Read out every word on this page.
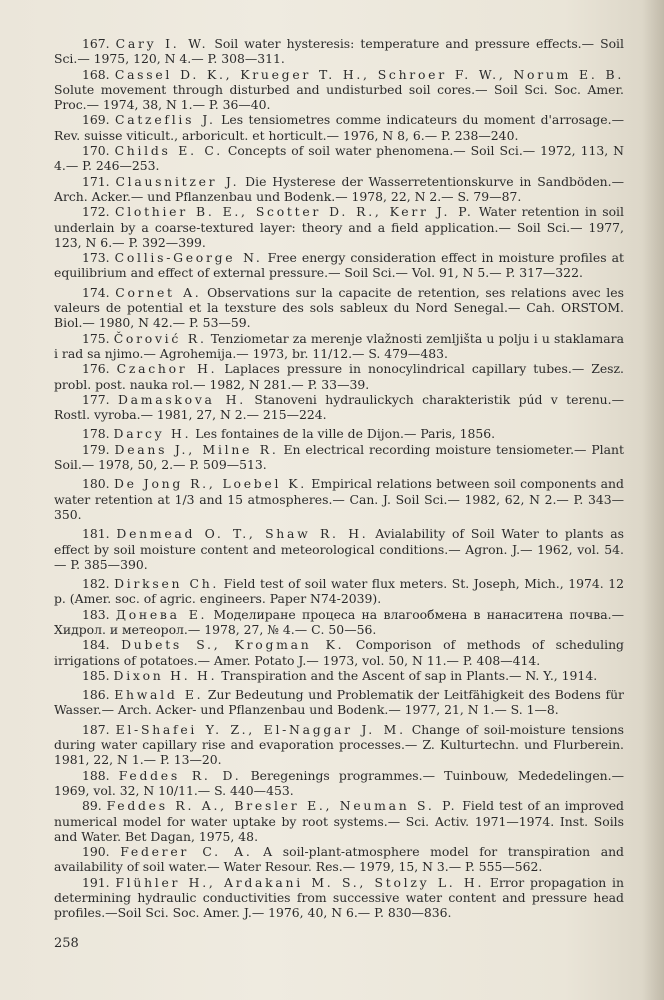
167. Cary I. W. Soil water hysteresis: temperature and pressure effects.— Soil Sci.— 1975, 120, N 4.— P. 308—311.

168. Cassel D. K., Krueger T. H., Schroer F. W., Norum E. B. Solute movement through disturbed and undisturbed soil cores.— Soil Sci. Soc. Amer. Proc.— 1974, 38, N 1.— P. 36—40.

169. Catzeflis J. Les tensiometres comme indicateurs du moment d'arrosage.— Rev. suisse viticult., arboricult. et horticult.— 1976, N 8, 6.— P. 238—240.

170. Childs E. C. Concepts of soil water phenomena.— Soil Sci.— 1972, 113, N 4.— P. 246—253.

171. Clausnitzer J. Die Hysterese der Wasserretentionskurve in Sandböden.— Arch. Acker.— und Pflanzenbau und Bodenk.— 1978, 22, N 2.— S. 79—87.

172. Clothier B. E., Scotter D. R., Kerr J. P. Water retention in soil underlain by a coarse-textured layer: theory and a field application.— Soil Sci.— 1977, 123, N 6.— P. 392—399.

173. Collis-George N. Free energy consideration effect in moisture profiles at equilibrium and effect of external pressure.— Soil Sci.— Vol. 91, N 5.— P. 317—322.

174. Cornet A. Observations sur la capacite de retention, ses relations avec les valeurs de potential et la texsture des sols sableux du Nord Senegal.— Cah. ORSTOM. Biol.— 1980, N 42.— P. 53—59.

175. Čorović R. Tenziometar za merenje vlažnosti zemljišta u polju i u staklamara i rad sa njimo.— Agrohemija.— 1973, br. 11/12.— S. 479—483.

176. Czachor H. Laplaces pressure in nonocylindrical capillary tubes.— Zesz. probl. post. nauka rol.— 1982, N 281.— P. 33—39.

177. Damaskova H. Stanoveni hydraulickych charakteristik púd v terenu.— Rostl. vyroba.— 1981, 27, N 2.— 215—224.

178. Darcy H. Les fontaines de la ville de Dijon.— Paris, 1856.

179. Deans J., Milne R. En electrical recording moisture tensiometer.— Plant Soil.— 1978, 50, 2.— P. 509—513.

180. De Jong R., Loebel K. Empirical relations between soil components and water retention at 1/3 and 15 atmospheres.— Can. J. Soil Sci.— 1982, 62, N 2.— P. 343—350.

181. Denmead O. T., Shaw R. H. Avialability of Soil Water to plants as effect by soil moisture content and meteorological conditions.— Agron. J.— 1962, vol. 54.— P. 385—390.

182. Dirksen Ch. Field test of soil water flux meters. St. Joseph, Mich., 1974. 12 p. (Amer. soc. of agric. engineers. Paper N74-2039).

183. Донева Е. Моделиране процеса на влагообмена в нанаситена почва.— Хидрол. и метеорол.— 1978, 27, № 4.— С. 50—56.

184. Dubets S., Krogman K. Comporison of methods of scheduling irrigations of potatoes.— Amer. Potato J.— 1973, vol. 50, N 11.— P. 408—414.

185. Dixon H. H. Transpiration and the Ascent of sap in Plants.— N. Y., 1914.

186. Ehwald E. Zur Bedeutung und Problematik der Leitfähigkeit des Bodens für Wasser.— Arch. Acker- und Pflanzenbau und Bodenk.— 1977, 21, N 1.— S. 1—8.

187. El-Shafei Y. Z., El-Naggar J. M. Change of soil-moisture tensions during water capillary rise and evaporation processes.— Z. Kulturtechn. und Flurberein. 1981, 22, N 1.— P. 13—20.

188. Feddes R. D. Beregenings programmes.— Tuinbouw, Mededelingen.— 1969, vol. 32, N 10/11.— S. 440—453.

89. Feddes R. A., Bresler E., Neuman S. P. Field test of an improved numerical model for water uptake by root systems.— Sci. Activ. 1971—1974. Inst. Soils and Water. Bet Dagan, 1975, 48.

190. Federer C. A. A soil-plant-atmosphere model for transpiration and availability of soil water.— Water Resour. Res.— 1979, 15, N 3.— P. 555—562.

191. Flühler H., Ardakani M. S., Stolzy L. H. Error propagation in determining hydraulic conductivities from successive water content and pressure head profiles.—Soil Sci. Soc. Amer. J.— 1976, 40, N 6.— P. 830—836.

258
